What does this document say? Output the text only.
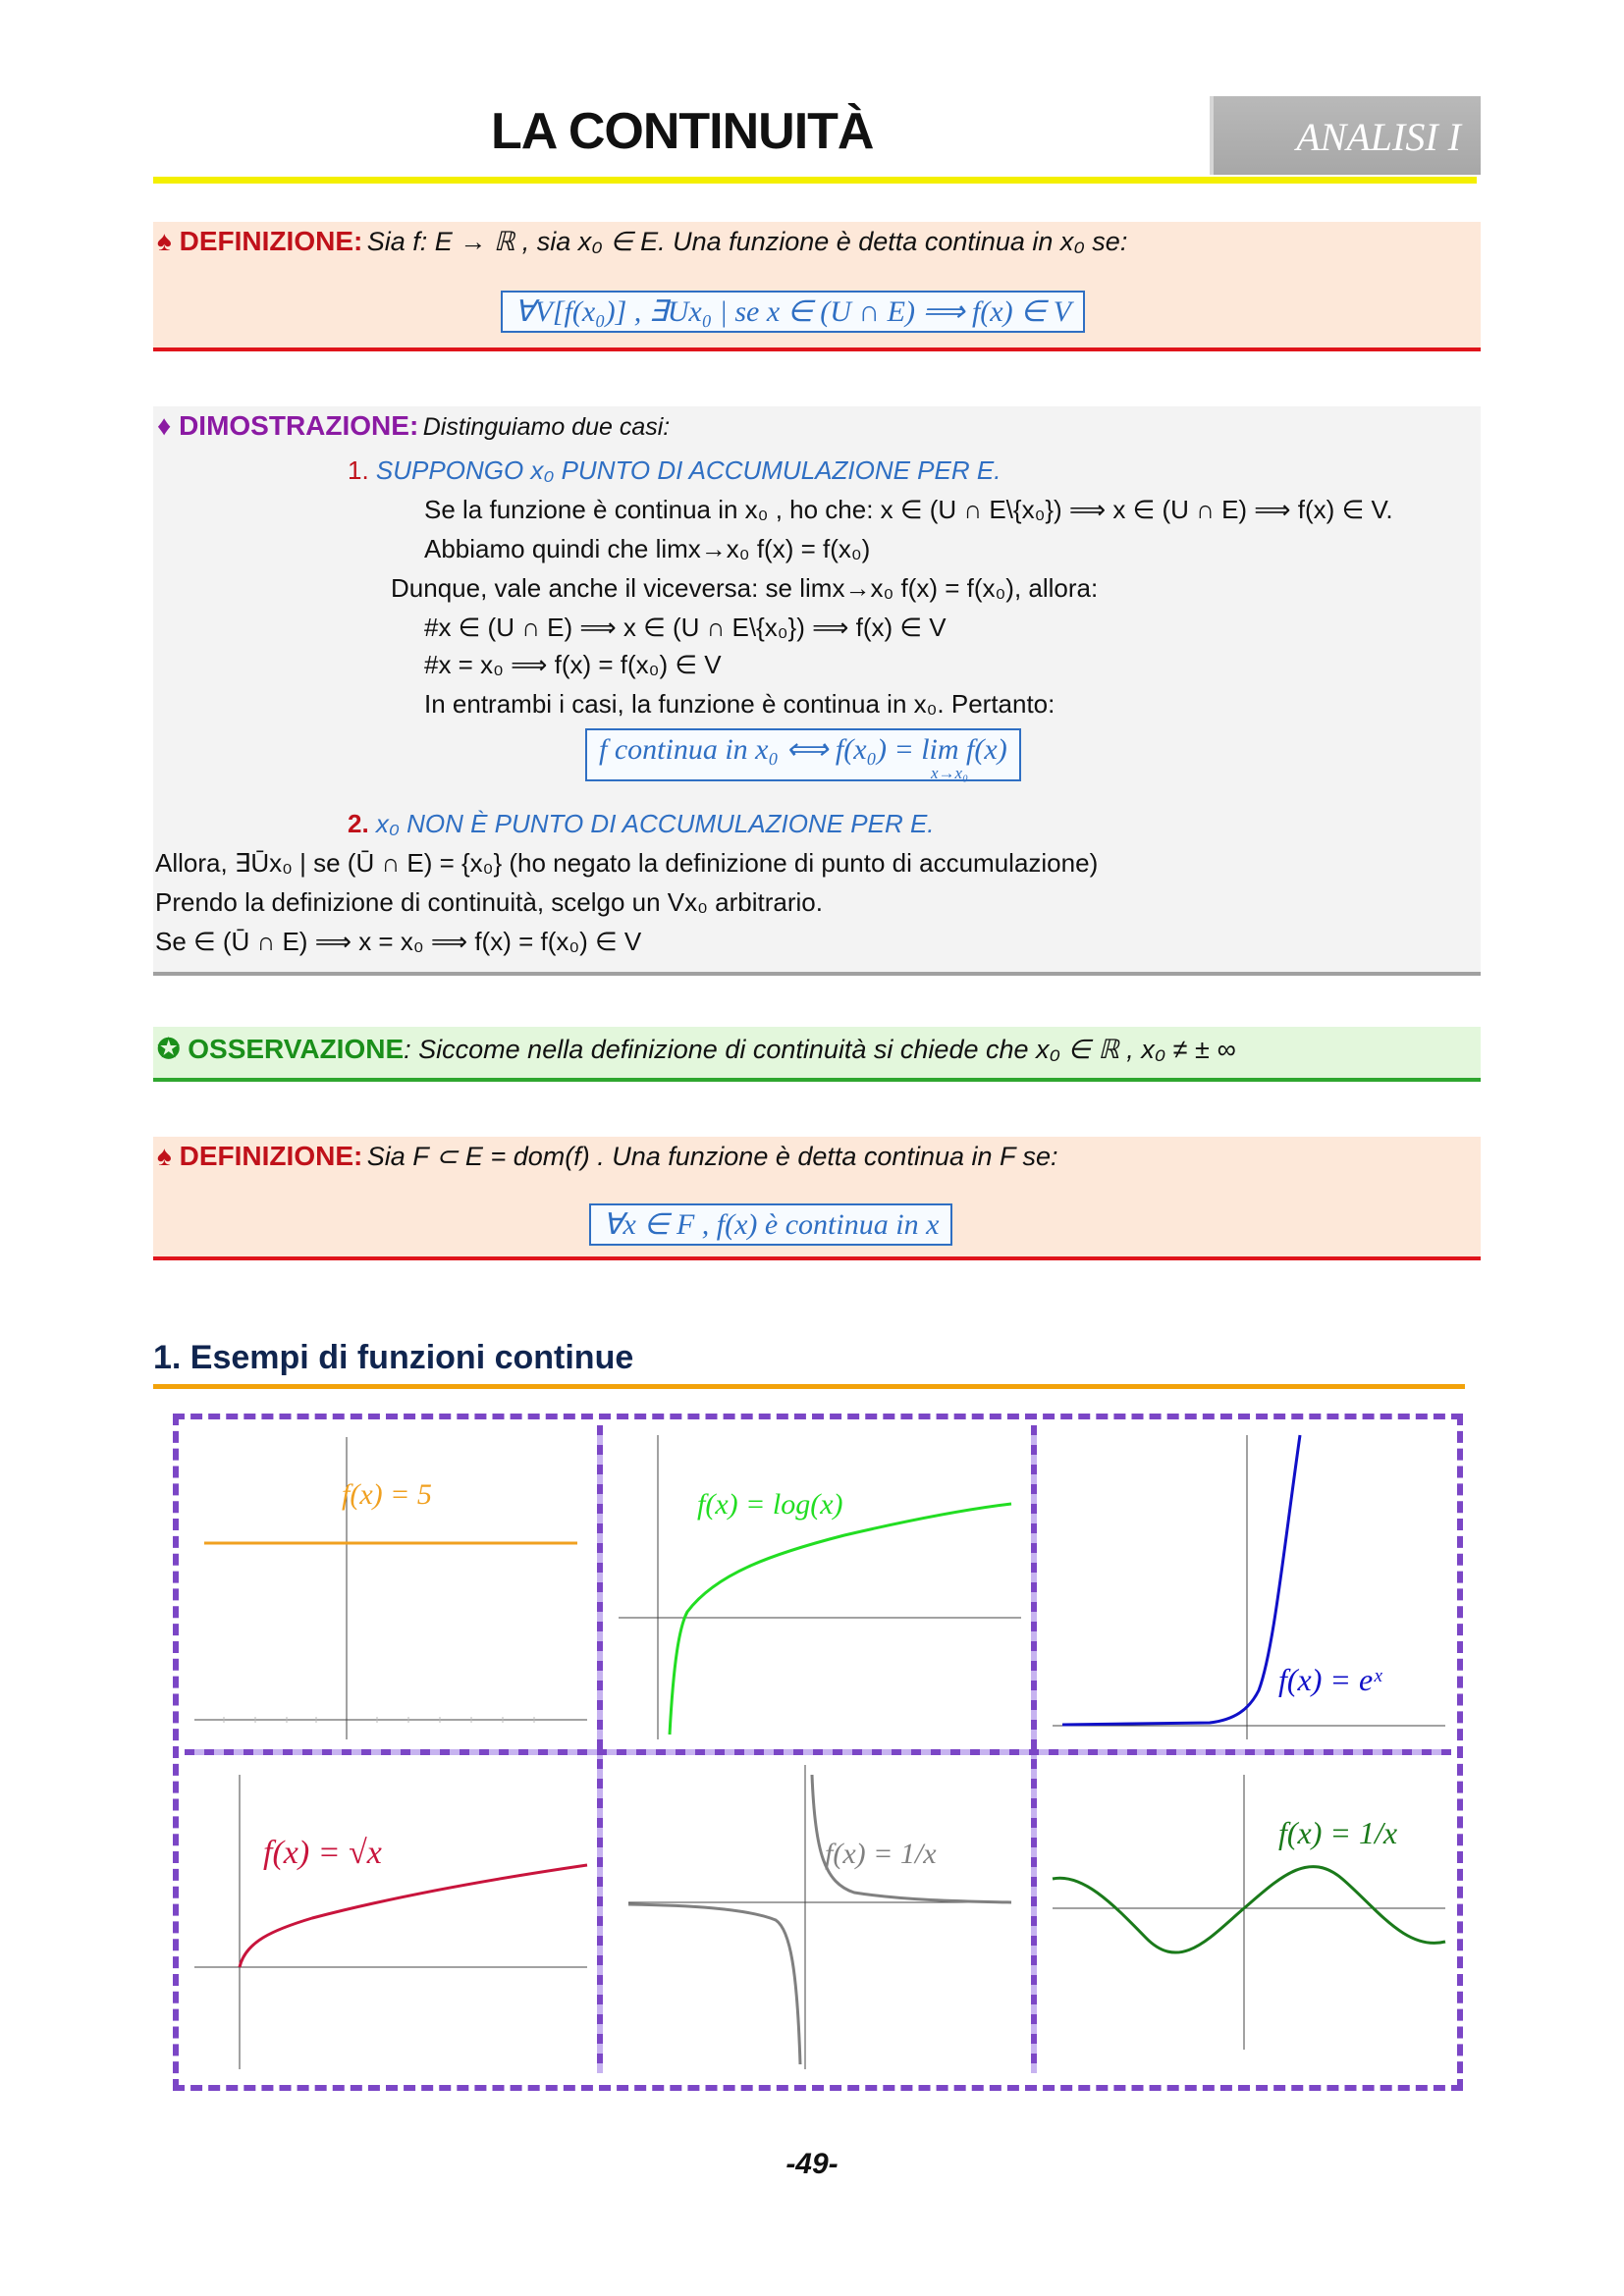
LA CONTINUITÀ	ANALISI I
♠ DEFINIZIONE: Sia f: E → ℝ , sia x₀ ∈ E. Una funzione è detta continua in x₀ se:
∀V[f(x₀)] , ∃Ux₀ | se x ∈ (U ∩ E) ⟹ f(x) ∈ V
♦ DIMOSTRAZIONE: Distinguiamo due casi:
1. SUPPONGO x₀ PUNTO DI ACCUMULAZIONE PER E.
Se la funzione è continua in x₀ , ho che: x ∈ (U ∩ E\{x₀}) ⟹ x ∈ (U ∩ E) ⟹ f(x) ∈ V.
Abbiamo quindi che limx→x₀ f(x) = f(x₀)
Dunque, vale anche il viceversa: se limx→x₀ f(x) = f(x₀), allora:
#x ∈ (U ∩ E) ⟹ x ∈ (U ∩ E\{x₀}) ⟹ f(x) ∈ V
#x = x₀ ⟹ f(x) = f(x₀) ∈ V
In entrambi i casi, la funzione è continua in x₀. Pertanto:
f continua in x₀ ⟺ f(x₀) = lim f(x)
x→x₀
2. x₀ NON È PUNTO DI ACCUMULAZIONE PER E.
Allora, ∃Ūx₀ | se (Ū ∩ E) = {x₀} (ho negato la definizione di punto di accumulazione)
Prendo la definizione di continuità, scelgo un Vx₀ arbitrario.
Se ∈ (Ū ∩ E) ⟹ x = x₀ ⟹ f(x) = f(x₀) ∈ V
✪ OSSERVAZIONE: Siccome nella definizione di continuità si chiede che x₀ ∈ ℝ , x₀ ≠ ± ∞
♠ DEFINIZIONE: Sia F ⊂ E = dom(f) . Una funzione è detta continua in F se:
∀x ∈ F , f(x) è continua in x
1. Esempi di funzioni continue
f(x) = 5	f(x) = log(x)
f(x) = eˣ
f(x) = √x	f(x) = 1/x
f(x) = 1/x
-49-
